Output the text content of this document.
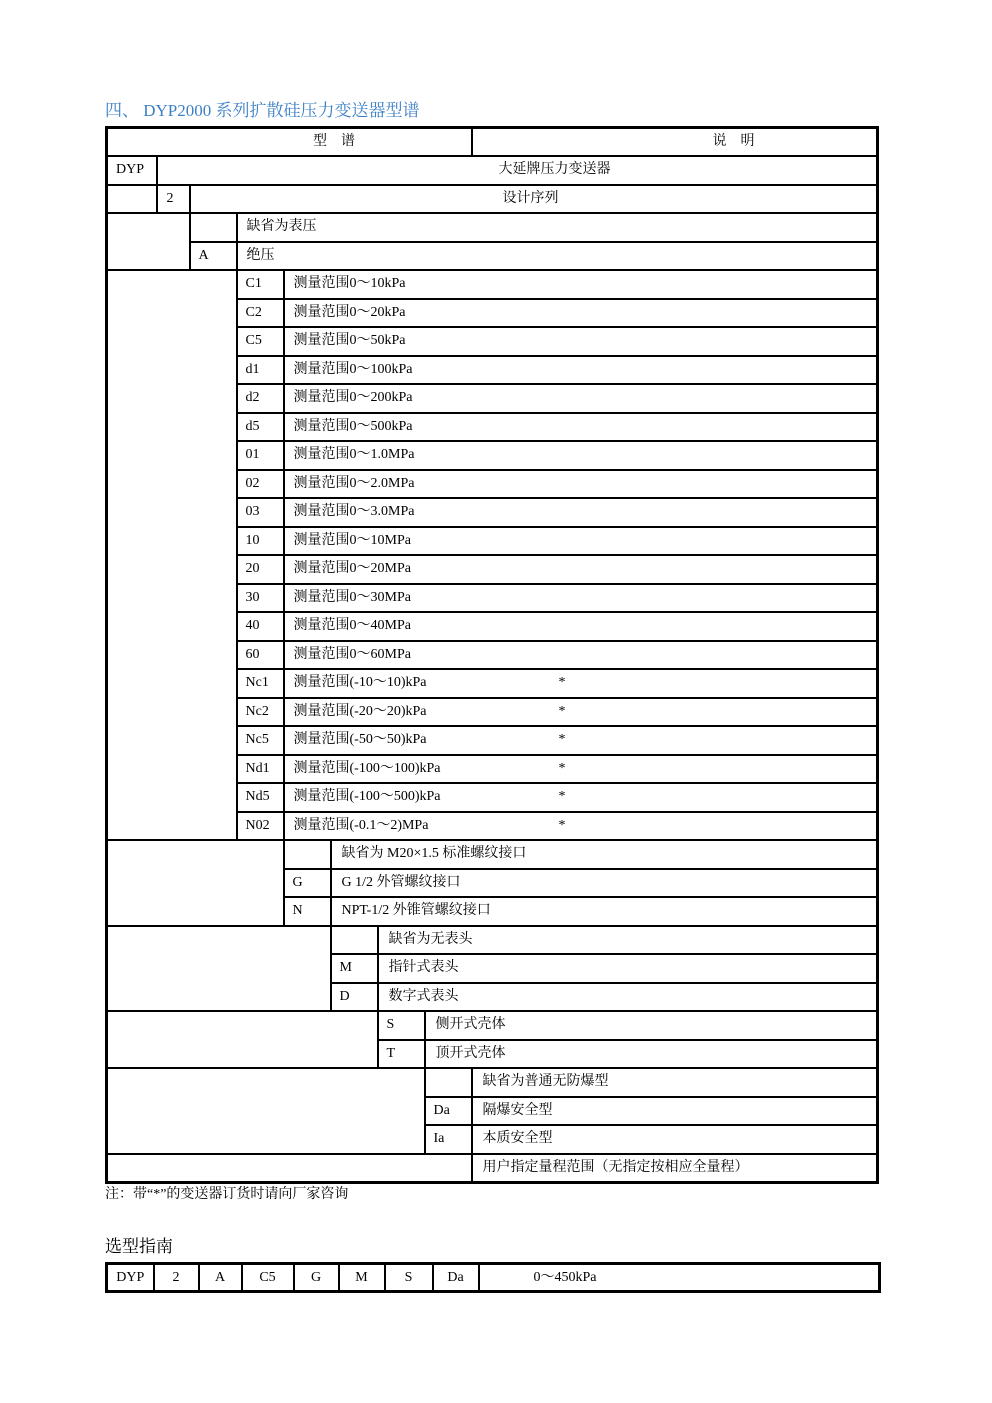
四、 DYP2000 系列扩散硅压力变送器型谱
型　谱								说　明
DYP	大延牌压力变送器							
	2	设计序列						
			缺省为表压					
		A	绝压					
			C1	测量范围0～10kPa				

			C2	测量范围0～20kPa				

			C5	测量范围0～50kPa				

			d1	测量范围0～100kPa				

			d2	测量范围0～200kPa				

			d5	测量范围0～500kPa				

			01	测量范围0～1.0MPa				

			02	测量范围0～2.0MPa				

			03	测量范围0～3.0MPa				

			10	测量范围0～10MPa				

			20	测量范围0～20MPa				

			30	测量范围0～30MPa				

			40	测量范围0～40MPa				

			60	测量范围0～60MPa				

			Nc1	测量范围(-10～10)kPa *				

			Nc2	测量范围(-20～20)kPa *				

			Nc5	测量范围(-50～50)kPa *				

			Nd1	测量范围(-100～100)kPa *				

			Nd5	测量范围(-100～500)kPa *				

			N02	测量范围(-0.1～2)MPa *				

					缺省为 M20×1.5 标准螺纹接口			
				G	G 1/2 外管螺纹接口			
				N	NPT-1/2 外锥管螺纹接口			
						缺省为无表头		
					M	指针式表头		
					D	数字式表头		
						S	侧开式壳体	
						T	顶开式壳体	
								缺省为普通无防爆型
							Da	隔爆安全型
							Ia	本质安全型
								用户指定量程范围（无指定按相应全量程）
注：带“*”的变送器订货时请向厂家咨询
选型指南
DYP	2	A	C5	G	M	S	Da	0～450kPa
